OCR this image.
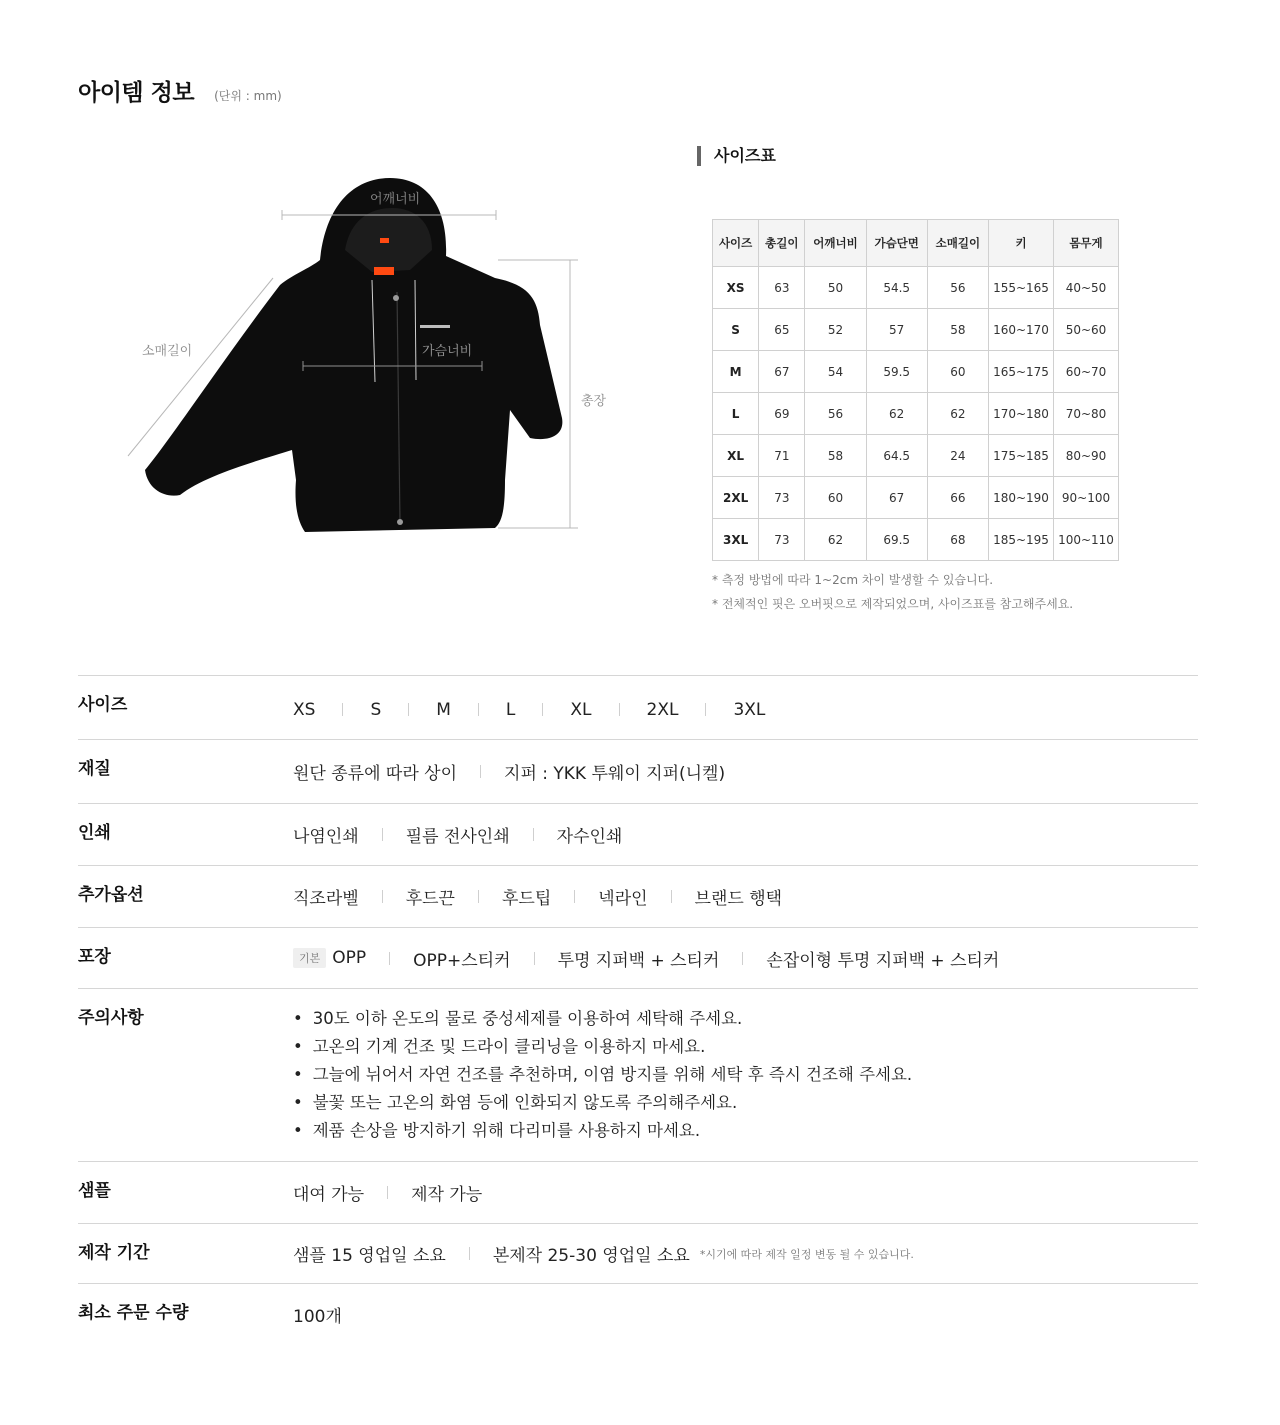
아이템 정보 (단위 : mm)
어깨너비
소매길이	가슴너비
총장
사이즈표
사이즈	총길이	어깨너비	가슴단면	소매길이	키	몸무게
XS	63	50	54.5	56	155~165	40~50
S	65	52	57	58	160~170	50~60
M	67	54	59.5	60	165~175	60~70
L	69	56	62	62	170~180	70~80
XL	71	58	64.5	24	175~185	80~90
2XL	73	60	67	66	180~190	90~100
3XL	73	62	69.5	68	185~195	100~110
* 측정 방법에 따라 1~2cm 차이 발생할 수 있습니다.
* 전체적인 핏은 오버핏으로 제작되었으며, 사이즈표를 참고해주세요.
사이즈	XS	S	M	L	XL	2XL	3XL
재질	원단 종류에 따라 상이	지퍼 : YKK 투웨이 지퍼(니켈)
인쇄	나염인쇄	필름 전사인쇄	자수인쇄
추가옵션	직조라벨	후드끈	후드팁	넥라인	브랜드 행택
포장	기본 OPP	OPP+스티커	투명 지퍼백 + 스티커	손잡이형 투명 지퍼백 + 스티커
주의사항	• 30도 이하 온도의 물로 중성세제를 이용하여 세탁해 주세요.
• 고온의 기계 건조 및 드라이 클리닝을 이용하지 마세요.
• 그늘에 뉘어서 자연 건조를 추천하며, 이염 방지를 위해 세탁 후 즉시 건조해 주세요.
• 불꽃 또는 고온의 화염 등에 인화되지 않도록 주의해주세요.
• 제품 손상을 방지하기 위해 다리미를 사용하지 마세요.
샘플	대여 가능	제작 가능
제작 기간	샘플 15 영업일 소요	본제작 25-30 영업일 소요 *시기에 따라 제작 일정 변동 될 수 있습니다.
최소 주문 수량	100개
